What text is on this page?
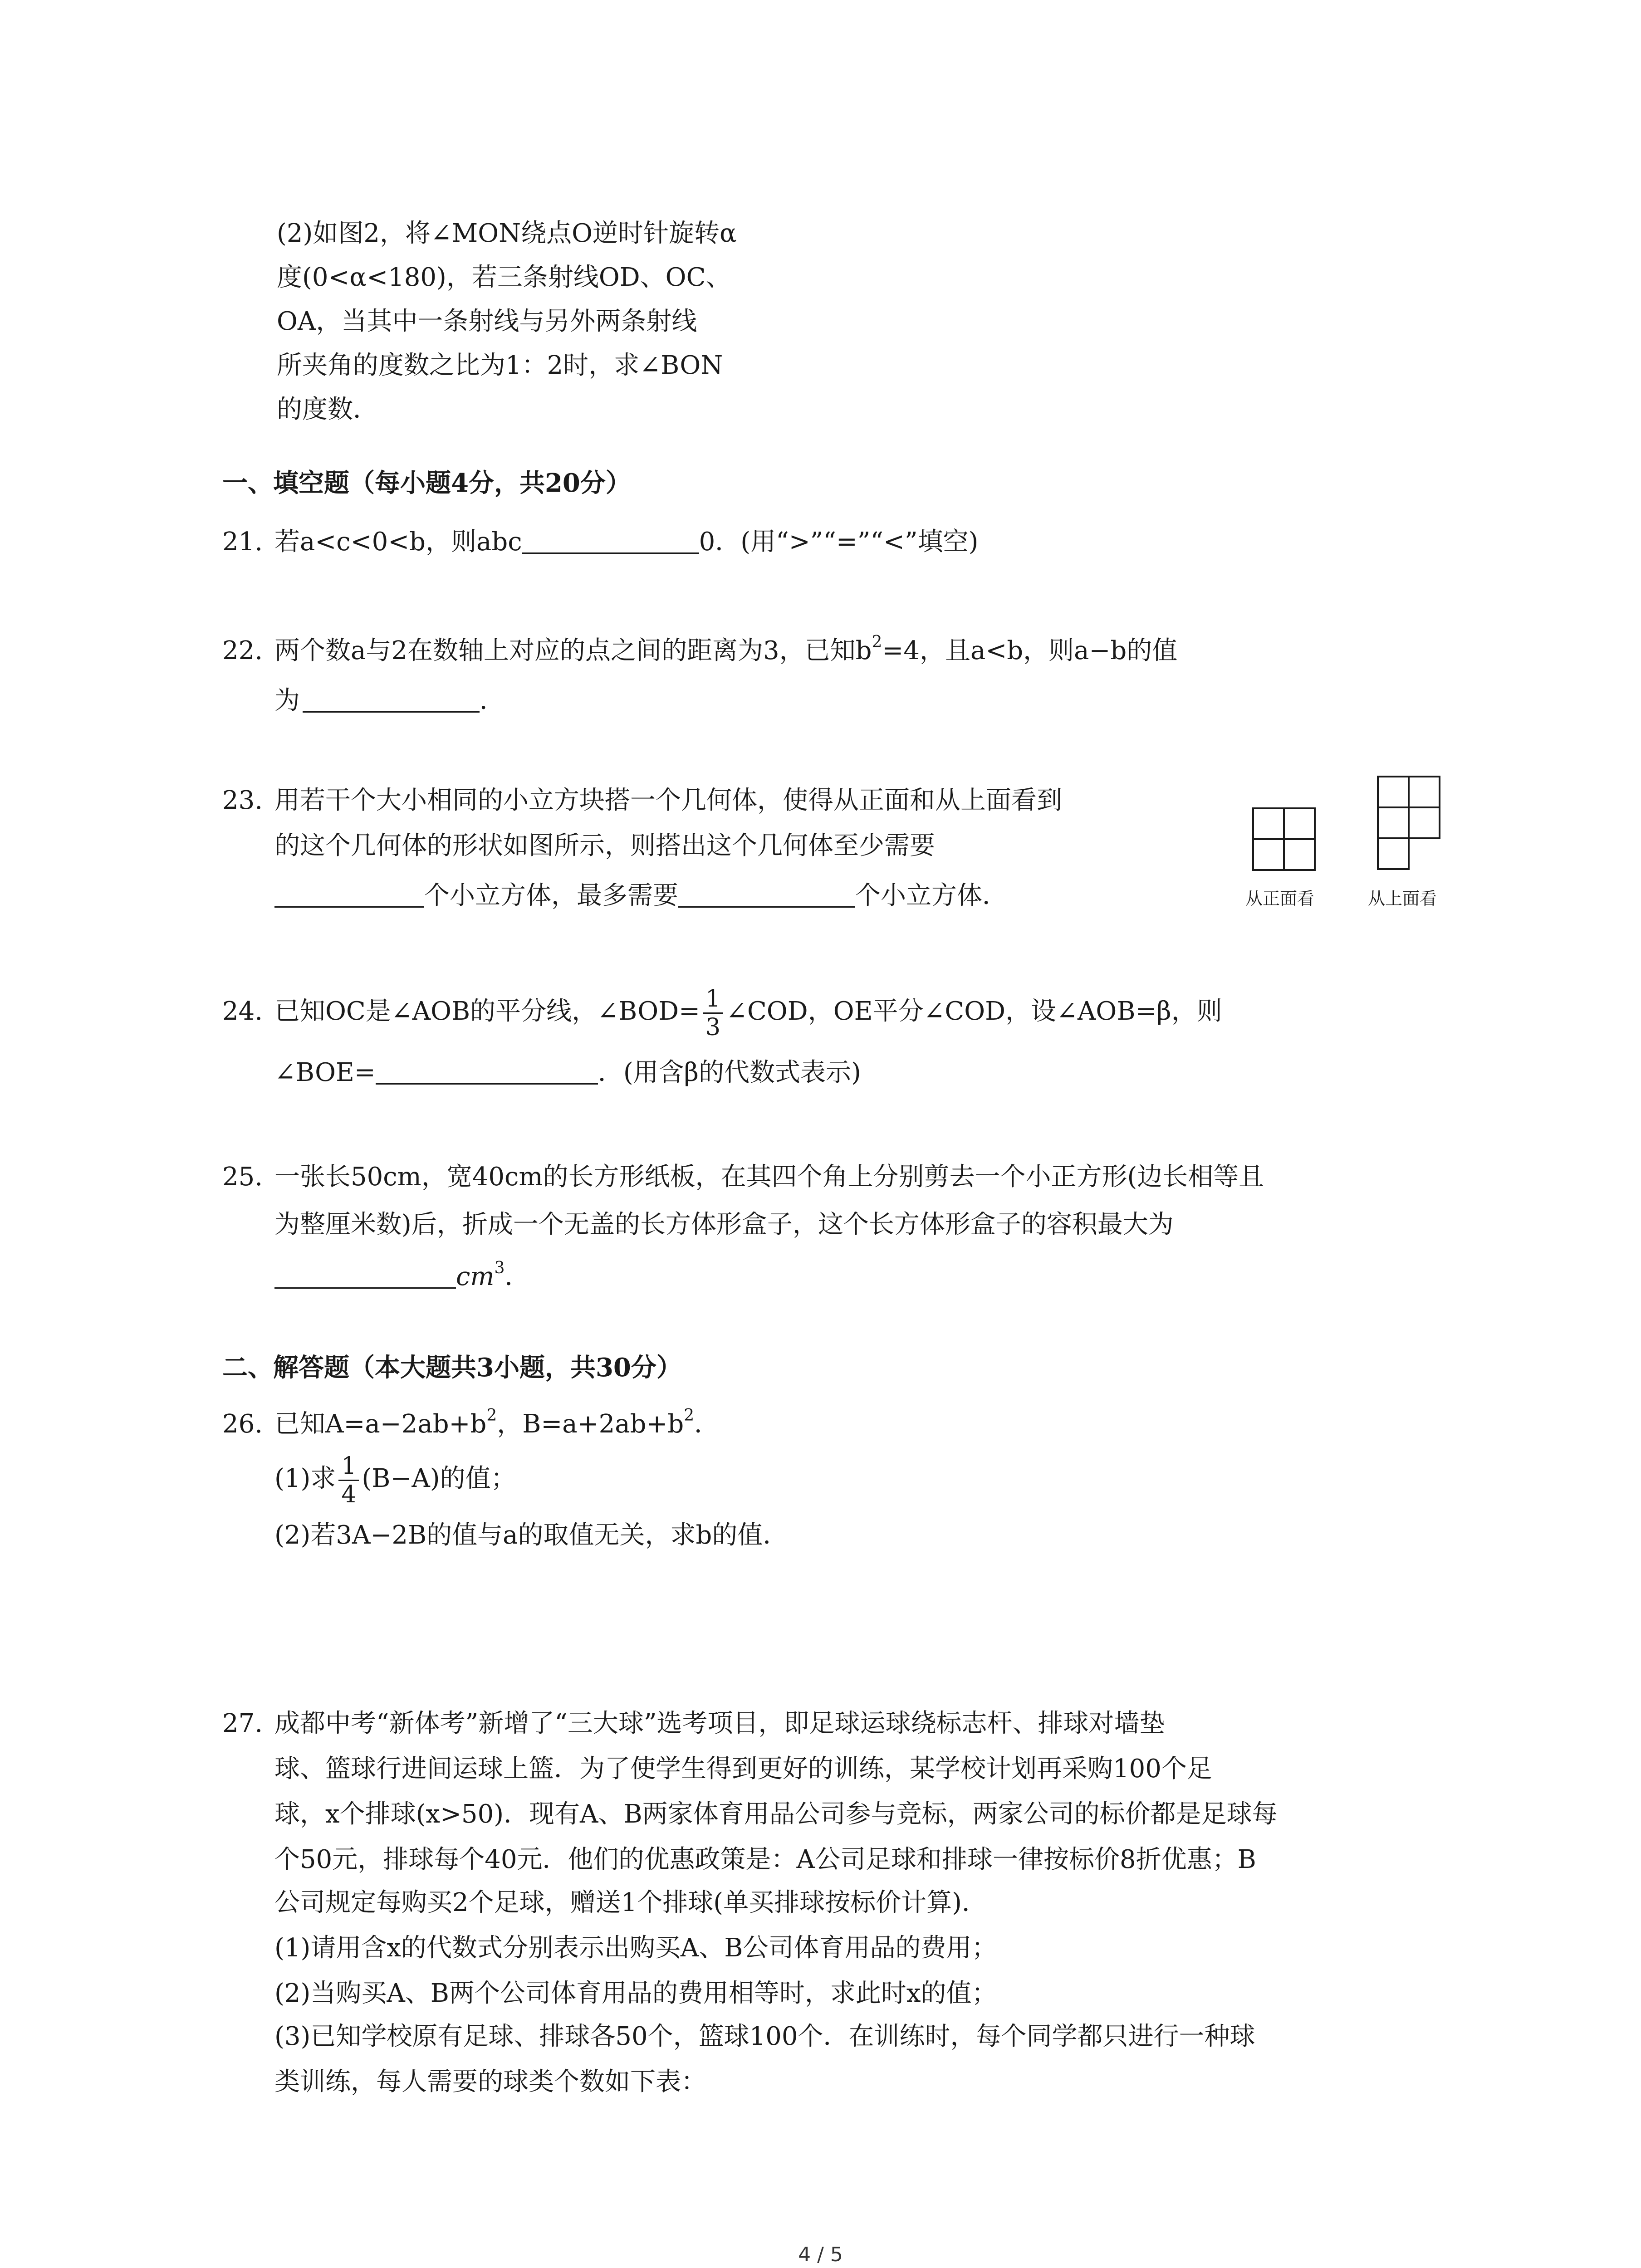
(2)如图2，将∠MON绕点O逆时针旋转α
度(0<α<180)，若三条射线OD、OC、
OA，当其中一条射线与另外两条射线
所夹角的度数之比为1：2时，求∠BON
的度数．
一、填空题（每小题4分，共20分）
21. 若a<c<0<b，则abc	0．(用“>”“=”“<”填空)
22. 两个数a与2在数轴上对应的点之间的距离为3，已知$b^2=4$，且a<b，则a−b的值
为	．
23. 用若干个大小相同的小立方块搭一个几何体，使得从正面和从上面看到
的这个几何体的形状如图所示，则搭出这个几何体至少需要
个小立方体，最多需要	个小立方体．	从正面看	从上面看
24. 已知OC是∠AOB的平分线，∠BOD= $\frac{1}{3}$ ∠COD，OE平分∠COD，设∠AOB=β，则
∠BOE=	．(用含β的代数式表示)
25. 一张长50cm，宽40cm的长方形纸板，在其四个角上分别剪去一个小正方形(边长相等且
为整厘米数)后，折成一个无盖的长方体形盒子，这个长方体形盒子的容积最大为
$cm^3$．
二、解答题（本大题共3小题，共30分）
26. 已知$A=a-2ab+b^2$，$B=a+2ab+b^2$．
(1)求 $\frac{1}{4} (B-A)$的值；
(2)若3A−2B的值与a的取值无关，求b的值．
27. 成都中考“新体考”新增了“三大球”选考项目，即足球运球绕标志杆、排球对墙垫
球、篮球行进间运球上篮．为了使学生得到更好的训练，某学校计划再采购100个足
球，x个排球(x>50)．现有A、B两家体育用品公司参与竞标，两家公司的标价都是足球每
个50元，排球每个40元．他们的优惠政策是：A公司足球和排球一律按标价8折优惠；B
公司规定每购买2个足球，赠送1个排球(单买排球按标价计算)．
(1)请用含x的代数式分别表示出购买A、B公司体育用品的费用；
(2)当购买A、B两个公司体育用品的费用相等时，求此时x的值；
(3)已知学校原有足球、排球各50个，篮球100个．在训练时，每个同学都只进行一种球
类训练，每人需要的球类个数如下表：
4 / 5
